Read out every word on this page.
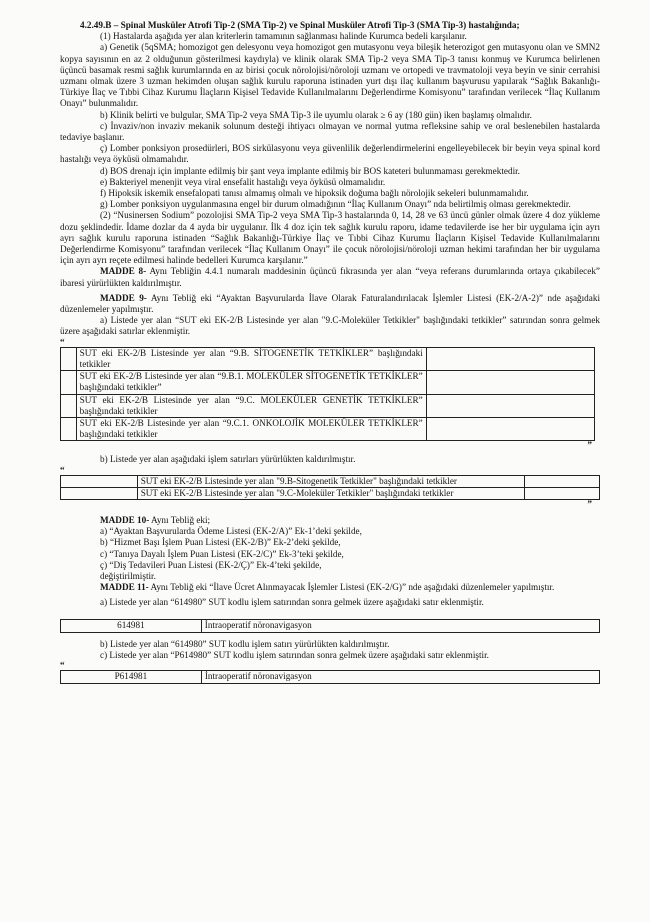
4.2.49.B – Spinal Musküler Atrofi Tip-2 (SMA Tip-2) ve Spinal Musküler Atrofi Tip-3 (SMA Tip-3) hastalığında;

(1) Hastalarda aşağıda yer alan kriterlerin tamamının sağlanması halinde Kurumca bedeli karşılanır.

a) Genetik (5qSMA; homozigot gen delesyonu veya homozigot gen mutasyonu veya bileşik heterozigot gen mutasyonu olan ve SMN2 kopya sayısının en az 2 olduğunun gösterilmesi kaydıyla) ve klinik olarak SMA Tip-2 veya SMA Tip-3 tanısı konmuş ve Kurumca belirlenen üçüncü basamak resmi sağlık kurumlarında en az birisi çocuk nörolojisi/nöroloji uzmanı ve ortopedi ve travmatoloji veya beyin ve sinir cerrahisi uzmanı olmak üzere 3 uzman hekimden oluşan sağlık kurulu raporuna istinaden yurt dışı ilaç kullanım başvurusu yapılarak “Sağlık Bakanlığı-Türkiye İlaç ve Tıbbi Cihaz Kurumu İlaçların Kişisel Tedavide Kullanılmalarını Değerlendirme Komisyonu” tarafından verilecek “İlaç Kullanım Onayı” bulunmalıdır.

b) Klinik belirti ve bulgular, SMA Tip-2 veya SMA Tip-3 ile uyumlu olarak ≥ 6 ay (180 gün) iken başlamış olmalıdır.

c) İnvaziv/non invaziv mekanik solunum desteği ihtiyacı olmayan ve normal yutma refleksine sahip ve oral beslenebilen hastalarda tedaviye başlanır.

ç) Lomber ponksiyon prosedürleri, BOS sirkülasyonu veya güvenlilik değerlendirmelerini engelleyebilecek bir beyin veya spinal kord hastalığı veya öyküsü olmamalıdır.

d) BOS drenajı için implante edilmiş bir şant veya implante edilmiş bir BOS kateteri bulunmaması gerekmektedir.

e) Bakteriyel menenjit veya viral ensefalit hastalığı veya öyküsü olmamalıdır.

f) Hipoksik iskemik ensefalopati tanısı almamış olmalı ve hipoksik doğuma bağlı nörolojik sekeleri bulunmamalıdır.

g) Lomber ponksiyon uygulanmasına engel bir durum olmadığının “İlaç Kullanım Onayı” nda belirtilmiş olması gerekmektedir.

(2) “Nusinersen Sodium” pozolojisi SMA Tip-2 veya SMA Tip-3 hastalarında 0, 14, 28 ve 63 üncü günler olmak üzere 4 doz yükleme dozu şeklindedir. İdame dozlar da 4 ayda bir uygulanır. İlk 4 doz için tek sağlık kurulu raporu, idame tedavilerde ise her bir uygulama için ayrı ayrı sağlık kurulu raporuna istinaden “Sağlık Bakanlığı-Türkiye İlaç ve Tıbbi Cihaz Kurumu İlaçların Kişisel Tedavide Kullanılmalarını Değerlendirme Komisyonu” tarafından verilecek “İlaç Kullanım Onayı” ile çocuk nörolojisi/nöroloji uzman hekimi tarafından her bir uygulama için ayrı ayrı reçete edilmesi halinde bedelleri Kurumca karşılanır.”

MADDE 8- Aynı Tebliğin 4.4.1 numaralı maddesinin üçüncü fıkrasında yer alan “veya referans durumlarında ortaya çıkabilecek” ibaresi yürürlükten kaldırılmıştır.

MADDE 9- Aynı Tebliğ eki “Ayaktan Başvurularda İlave Olarak Faturalandırılacak İşlemler Listesi (EK-2/A-2)” nde aşağıdaki düzenlemeler yapılmıştır.

a) Listede yer alan “SUT eki EK-2/B Listesinde yer alan "9.C-Moleküler Tetkikler" başlığındaki tetkikler” satırından sonra gelmek üzere aşağıdaki satırlar eklenmiştir.

“
	SUT eki EK-2/B Listesinde yer alan “9.B. SİTOGENETİK TETKİKLER” başlığındaki tetkikler	
	SUT eki EK-2/B Listesinde yer alan “9.B.1. MOLEKÜLER SİTOGENETİK TETKİKLER” başlığındaki tetkikler”	
	SUT eki EK-2/B Listesinde yer alan “9.C. MOLEKÜLER GENETİK TETKİKLER” başlığındaki tetkikler	
	SUT eki EK-2/B Listesinde yer alan “9.C.1. ONKOLOJİK MOLEKÜLER TETKİKLER” başlığındaki tetkikler	
”

b) Listede yer alan aşağıdaki işlem satırları yürürlükten kaldırılmıştır.

“
	SUT eki EK-2/B Listesinde yer alan "9.B-Sitogenetik Tetkikler" başlığındaki tetkikler	
	SUT eki EK-2/B Listesinde yer alan "9.C-Moleküler Tetkikler" başlığındaki tetkikler	
”

MADDE 10- Aynı Tebliğ eki;

a) “Ayaktan Başvurularda Ödeme Listesi (EK-2/A)” Ek-1’deki şekilde,

b) “Hizmet Başı İşlem Puan Listesi (EK-2/B)” Ek-2’deki şekilde,

c) “Tanıya Dayalı İşlem Puan Listesi (EK-2/C)” Ek-3’teki şekilde,

ç) “Diş Tedavileri Puan Listesi (EK-2/Ç)” Ek-4’teki şekilde,

değiştirilmiştir.

MADDE 11- Aynı Tebliğ eki “İlave Ücret Alınmayacak İşlemler Listesi (EK-2/G)” nde aşağıdaki düzenlemeler yapılmıştır.

a) Listede yer alan “614980” SUT kodlu işlem satırından sonra gelmek üzere aşağıdaki satır eklenmiştir.

614981	İntraoperatif nöronavigasyon

b) Listede yer alan “614980” SUT kodlu işlem satırı yürürlükten kaldırılmıştır.

c) Listede yer alan “P614980” SUT kodlu işlem satırından sonra gelmek üzere aşağıdaki satır eklenmiştir.

“
P614981	İntraoperatif nöronavigasyon
